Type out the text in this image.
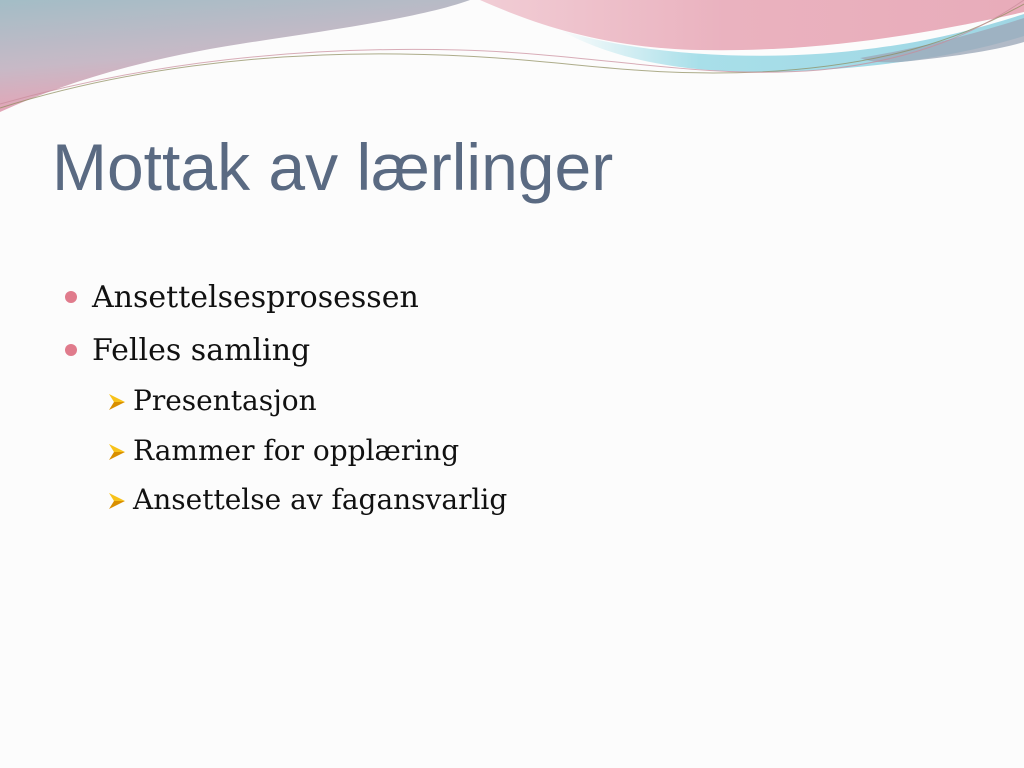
Mottak av lærlinger
Ansettelsesprosessen
Felles samling
Presentasjon
Rammer for opplæring
Ansettelse av fagansvarlig
